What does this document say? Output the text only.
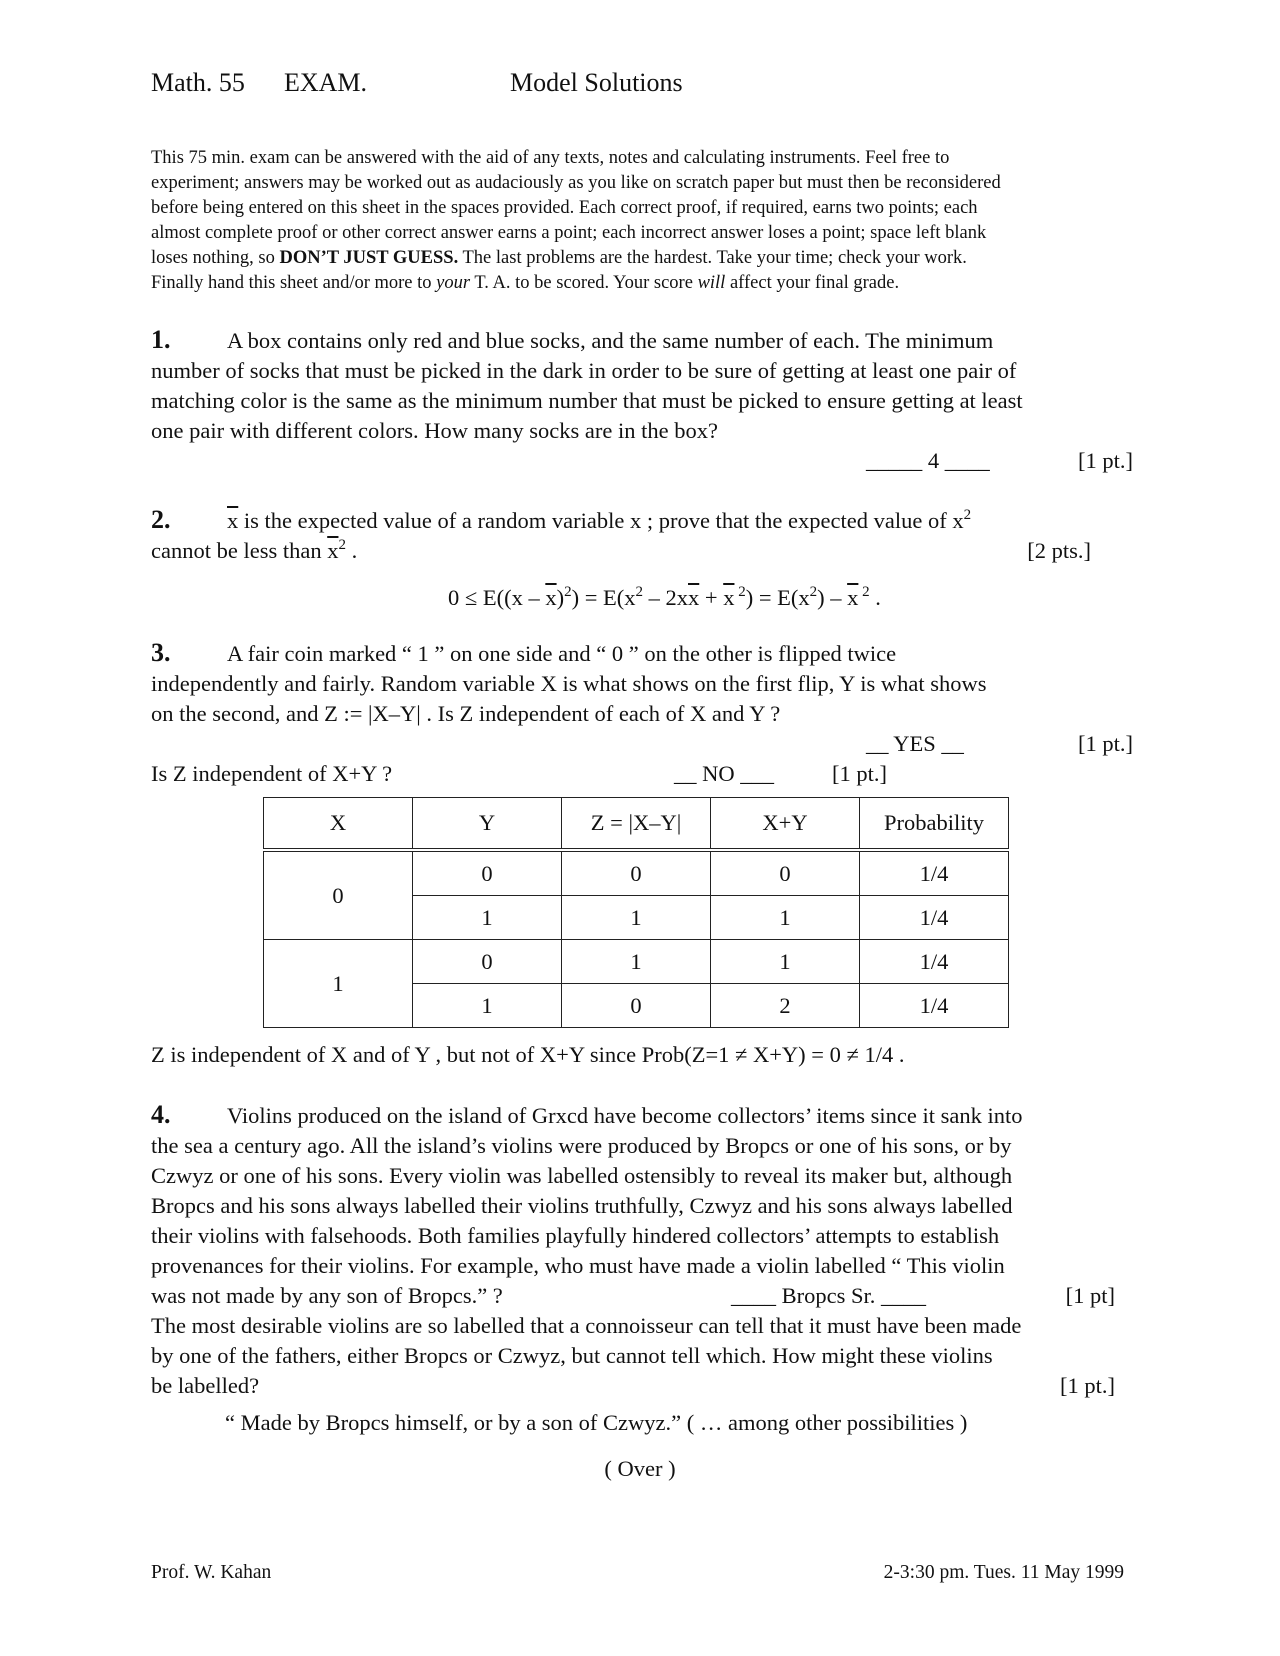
Math. 55 EXAM.	Model Solutions
This 75 min. exam can be answered with the aid of any texts, notes and calculating instruments. Feel free to
experiment; answers may be worked out as audaciously as you like on scratch paper but must then be reconsidered
before being entered on this sheet in the spaces provided. Each correct proof, if required, earns two points; each
almost complete proof or other correct answer earns a point; each incorrect answer loses a point; space left blank
loses nothing, so DON’T JUST GUESS. The last problems are the hardest. Take your time; check your work.
Finally hand this sheet and/or more to your T. A. to be scored. Your score will affect your final grade.
1.	A box contains only red and blue socks, and the same number of each. The minimum
number of socks that must be picked in the dark in order to be sure of getting at least one pair of
matching color is the same as the minimum number that must be picked to ensure getting at least
one pair with different colors. How many socks are in the box?
_____ 4 ____	[1 pt.]
2.	$\overline{x}$ is the expected value of a random variable x ; prove that the expected value of $x^2$
cannot be less than $\overline{x}^2$ .	[2 pts.]
$0 \le E((x - \overline{x})^2) = E(x^2 - 2x\overline{x} + \overline{x}$ $^2) = E(x^2) - \overline{x}$ $^2$ .
3.	A fair coin marked “ 1 ” on one side and “ 0 ” on the other is flipped twice
independently and fairly. Random variable X is what shows on the first flip, Y is what shows
on the second, and Z := |X–Y| . Is Z independent of each of X and Y ?
__ YES __	[1 pt.]
Is Z independent of X+Y ?	__ NO ___	[1 pt.]
X	Y	Z = |X–Y|	X+Y	Probability
0	0	0	0	1/4
	1	1	1	1/4
1	0	1	1	1/4
	1	0	2	1/4
Z is independent of X and of Y , but not of X+Y since Prob(Z=1 ≠ X+Y) = 0 ≠ 1/4 .
4.	Violins produced on the island of Grxcd have become collectors’ items since it sank into
the sea a century ago. All the island’s violins were produced by Bropcs or one of his sons, or by
Czwyz or one of his sons. Every violin was labelled ostensibly to reveal its maker but, although
Bropcs and his sons always labelled their violins truthfully, Czwyz and his sons always labelled
their violins with falsehoods. Both families playfully hindered collectors’ attempts to establish
provenances for their violins. For example, who must have made a violin labelled “ This violin
was not made by any son of Bropcs.” ?	____ Bropcs Sr. ____	[1 pt]
The most desirable violins are so labelled that a connoisseur can tell that it must have been made
by one of the fathers, either Bropcs or Czwyz, but cannot tell which. How might these violins
be labelled?	[1 pt.]
“ Made by Bropcs himself, or by a son of Czwyz.” ( … among other possibilities )
( Over )
Prof. W. Kahan	2-3:30 pm. Tues. 11 May 1999
